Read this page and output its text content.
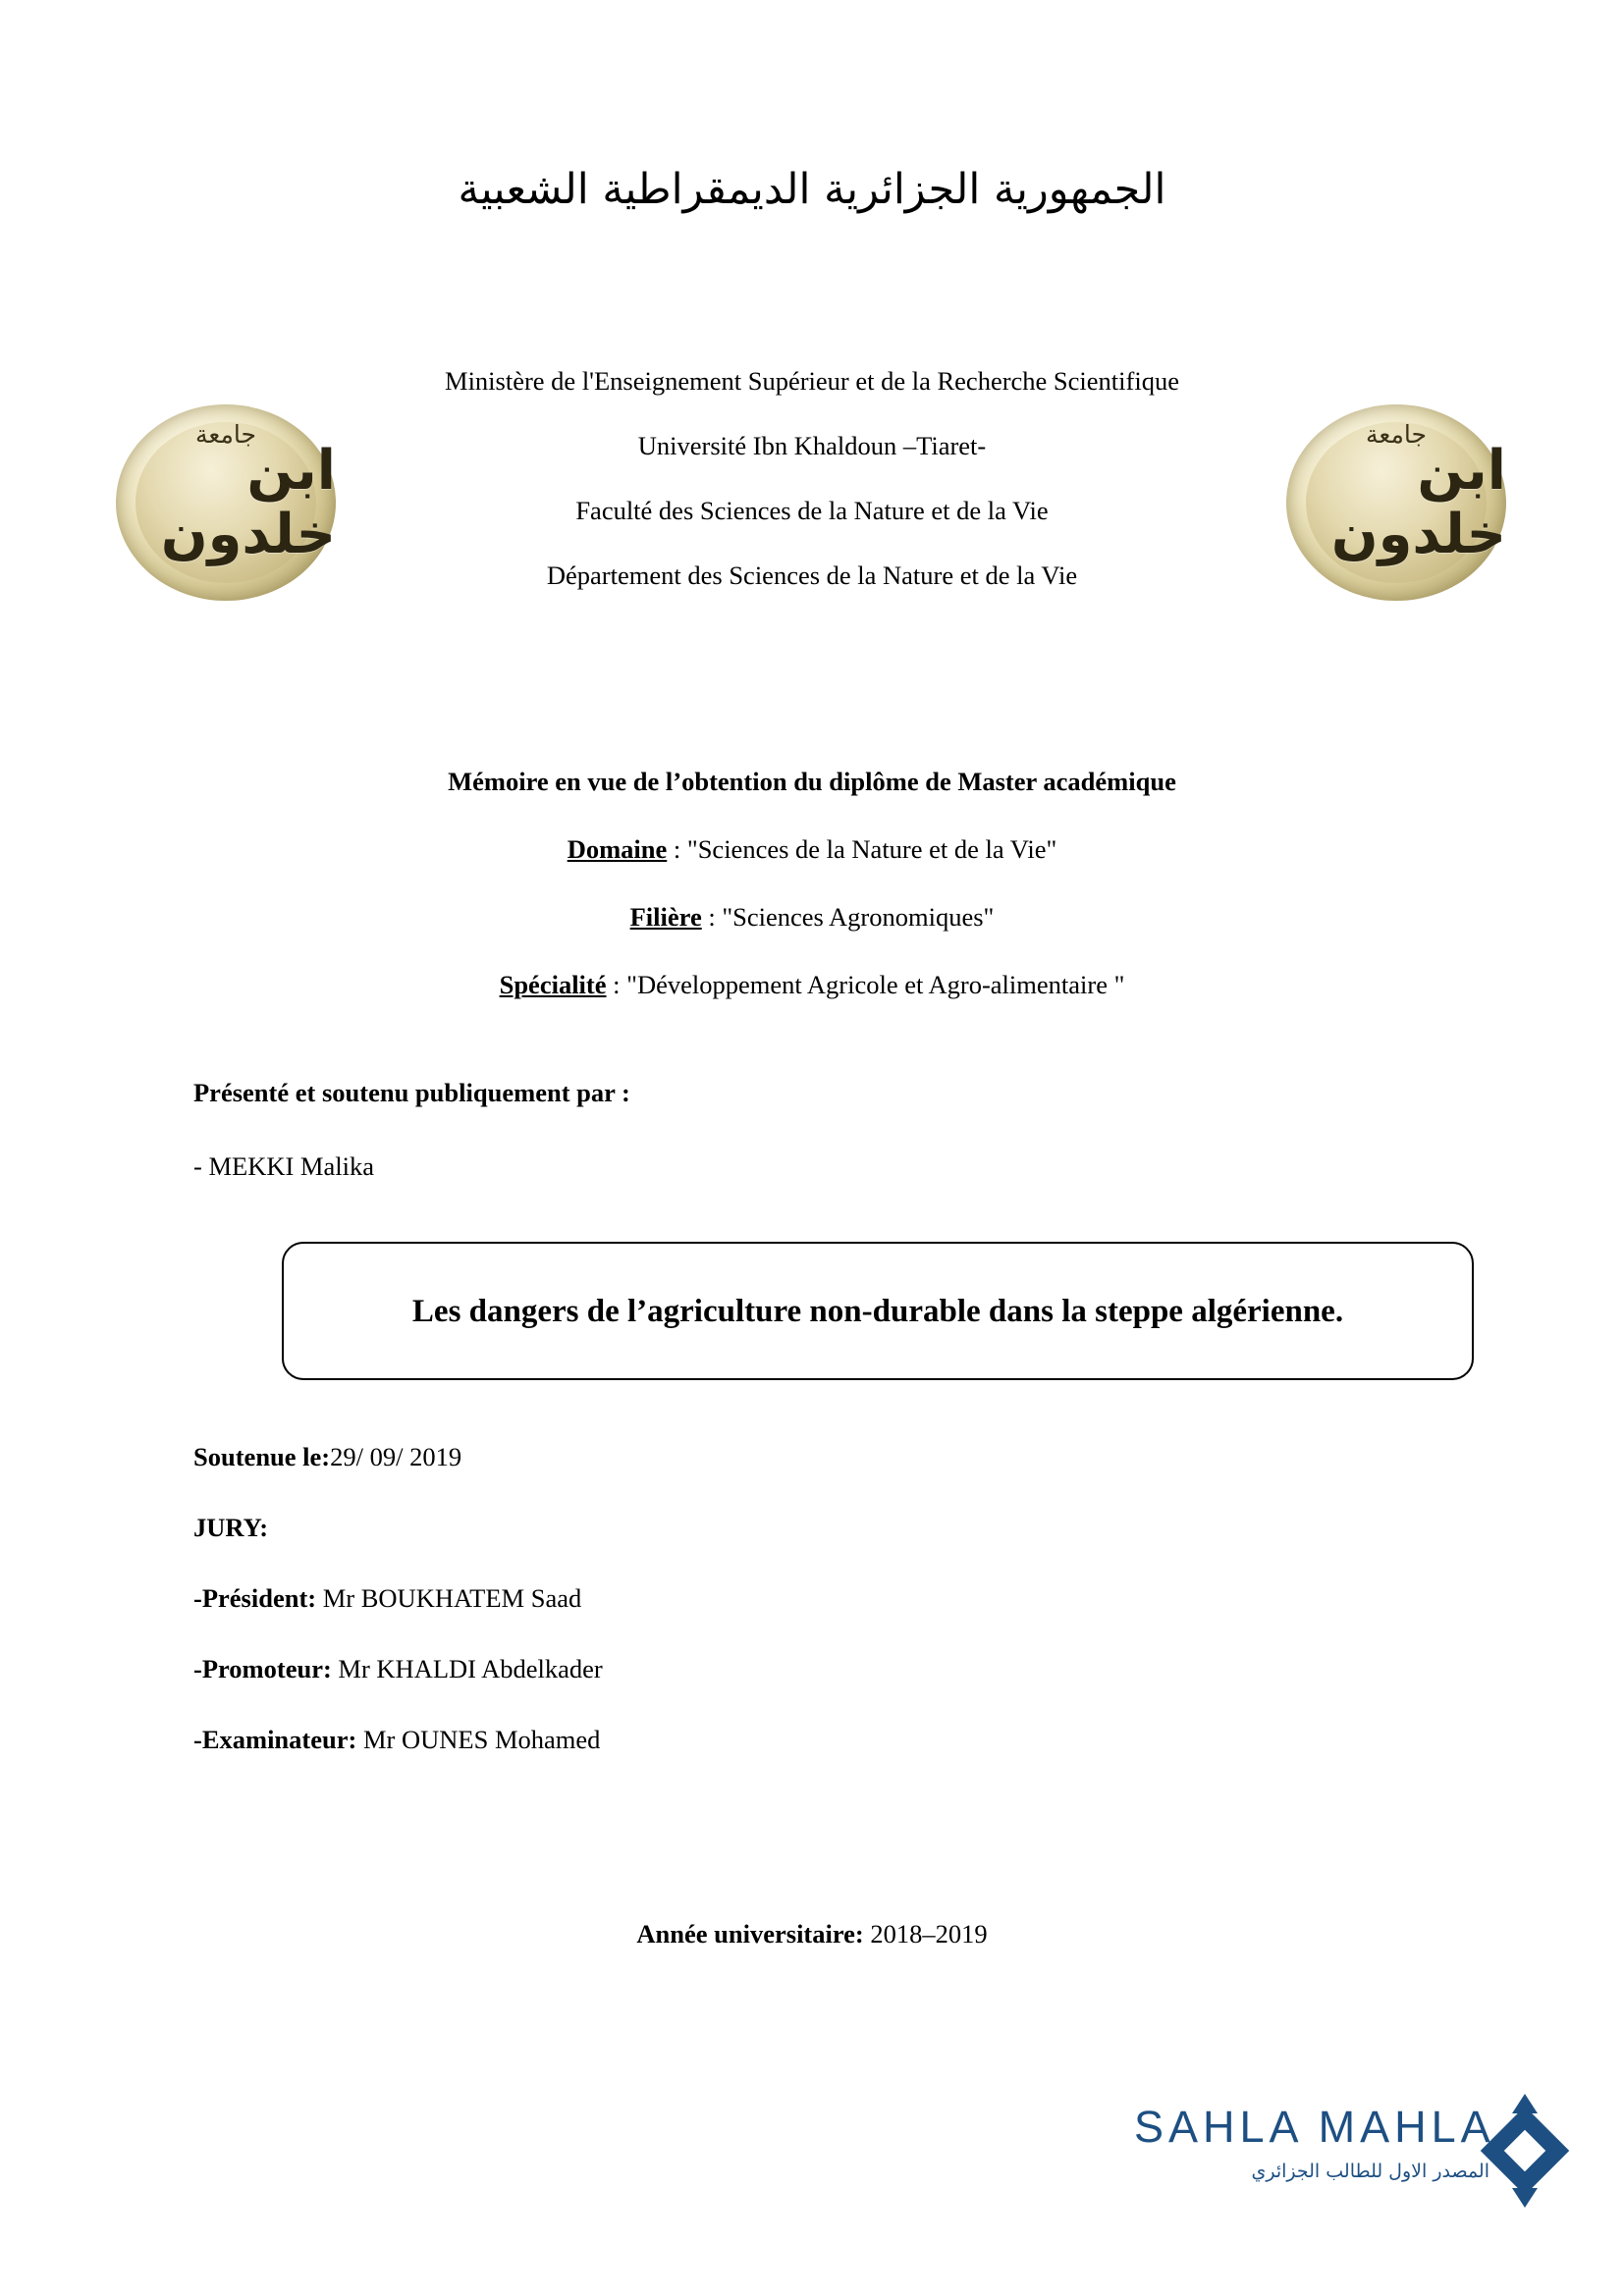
الجمهورية الجزائرية الديمقراطية الشعبية
جامعة
ابن خلدون
جامعة
ابن خلدون
Ministère de l'Enseignement Supérieur et de la Recherche Scientifique
Université Ibn Khaldoun –Tiaret-
Faculté des Sciences de la Nature et de la Vie
Département des Sciences de la Nature et de la Vie
Mémoire en vue de l’obtention du diplôme de Master académique
Domaine : "Sciences de la Nature et de la Vie"
Filière : "Sciences Agronomiques"
Spécialité : "Développement Agricole et Agro-alimentaire "
Présenté et soutenu publiquement par :
- MEKKI Malika
Les dangers de l’agriculture non-durable dans la steppe algérienne.
Soutenue le:29/ 09/ 2019
JURY:
-Président: Mr BOUKHATEM Saad
-Promoteur: Mr KHALDI Abdelkader
-Examinateur: Mr OUNES Mohamed
Année universitaire: 2018–2019
SAHLA MAHLA
المصدر الاول للطالب الجزائري
